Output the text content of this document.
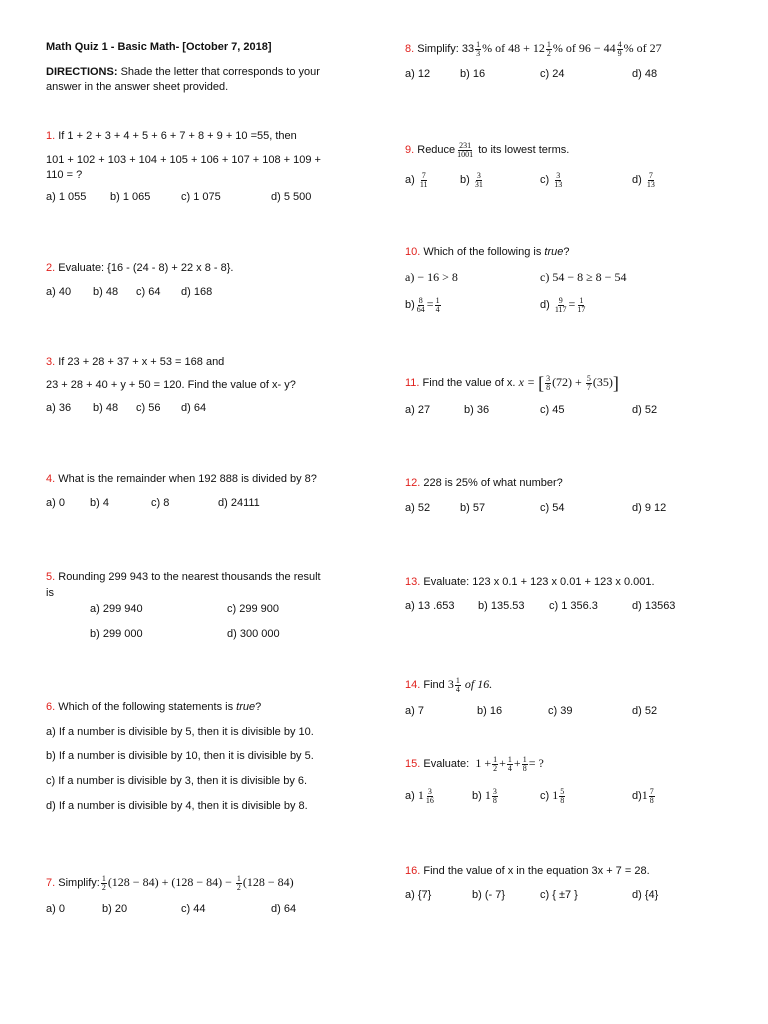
Math Quiz 1 - Basic Math- [October 7, 2018]
DIRECTIONS: Shade the letter that corresponds to your
answer in the answer sheet provided.
1. If 1 + 2 + 3 + 4 + 5 + 6 + 7 + 8 + 9 + 10 =55, then
101 + 102 + 103 + 104 + 105 + 106 + 107 + 108 + 109 +
110 = ?
a) 1 055 b) 1 065	c) 1 075	d) 5 500
2. Evaluate: {16 - (24 - 8) + 22 x 8 - 8}.
a) 40 b) 48 c) 64 d) 168
3. If 23 + 28 + 37 + x + 53 = 168 and
23 + 28 + 40 + y + 50 = 120. Find the value of x- y?
a) 36 b) 48 c) 56 d) 64
4. What is the remainder when 192 888 is divided by 8?
a) 0 b) 4	c) 8	d) 24111
5. Rounding 299 943 to the nearest thousands the result
is
a) 299 940	c) 299 900
b) 299 000	d) 300 000
6. Which of the following statements is true?
a) If a number is divisible by 5, then it is divisible by 10.
b) If a number is divisible by 10, then it is divisible by 5.
c) If a number is divisible by 3, then it is divisible by 6.
d) If a number is divisible by 4, then it is divisible by 8.
7. Simplify: $\frac{1}{2} (128 - 84) + (128 - 84) - \frac{1}{2} (128 - 84)$
a) 0	b) 20	c) 44	d) 64
8. Simplify: $33 \frac{1}{3}$ % of $48 + 12 \frac{1}{2}$ % of $96 - 44 \frac{4}{9}$ % of 27
a) 12	b) 16	c) 24	d) 48
9. Reduce $\frac{231}{1001}$ to its lowest terms.
$a) \frac{7}{11}$	$b) \frac{3}{31}$	$c) \frac{3}{13}$	$d) \frac{7}{13}$
10. Which of the following is true?
a) − 16 > 8	c) 54 − 8 ≥ 8 − 54
$b) \frac{8}{64} = \frac{1}{4}$	$d) \frac{9}{117} = \frac{1}{17}$
11. Find the value of x. x = [ $\frac{3}{8} (72) + \frac{5}{7} (35)$]
a) 27	b) 36	c) 45	d) 52
12. 228 is 25% of what number?
a) 52	b) 57	c) 54	d) 9 12
13. Evaluate: 123 x 0.1 + 123 x 0.01 + 123 x 0.001.
a) 13 .653 b) 135.53 c) 1 356.3	d) 13563
14. Find $3 \frac{1}{4}$ of 16.
a) 7	b) 16	c) 39	d) 52
15. Evaluate: $1 + \frac{1}{2} + \frac{1}{4} + \frac{1}{8}$ = ?
a) $1 \frac{3}{16}$	b) $1 \frac{3}{8}$	c) $1 \frac{5}{8}$	$d)1 \frac{7}{8}$
16. Find the value of x in the equation 3x + 7 = 28.
a) {7}	b) (- 7}	c) { ±7 }	d) {4}
